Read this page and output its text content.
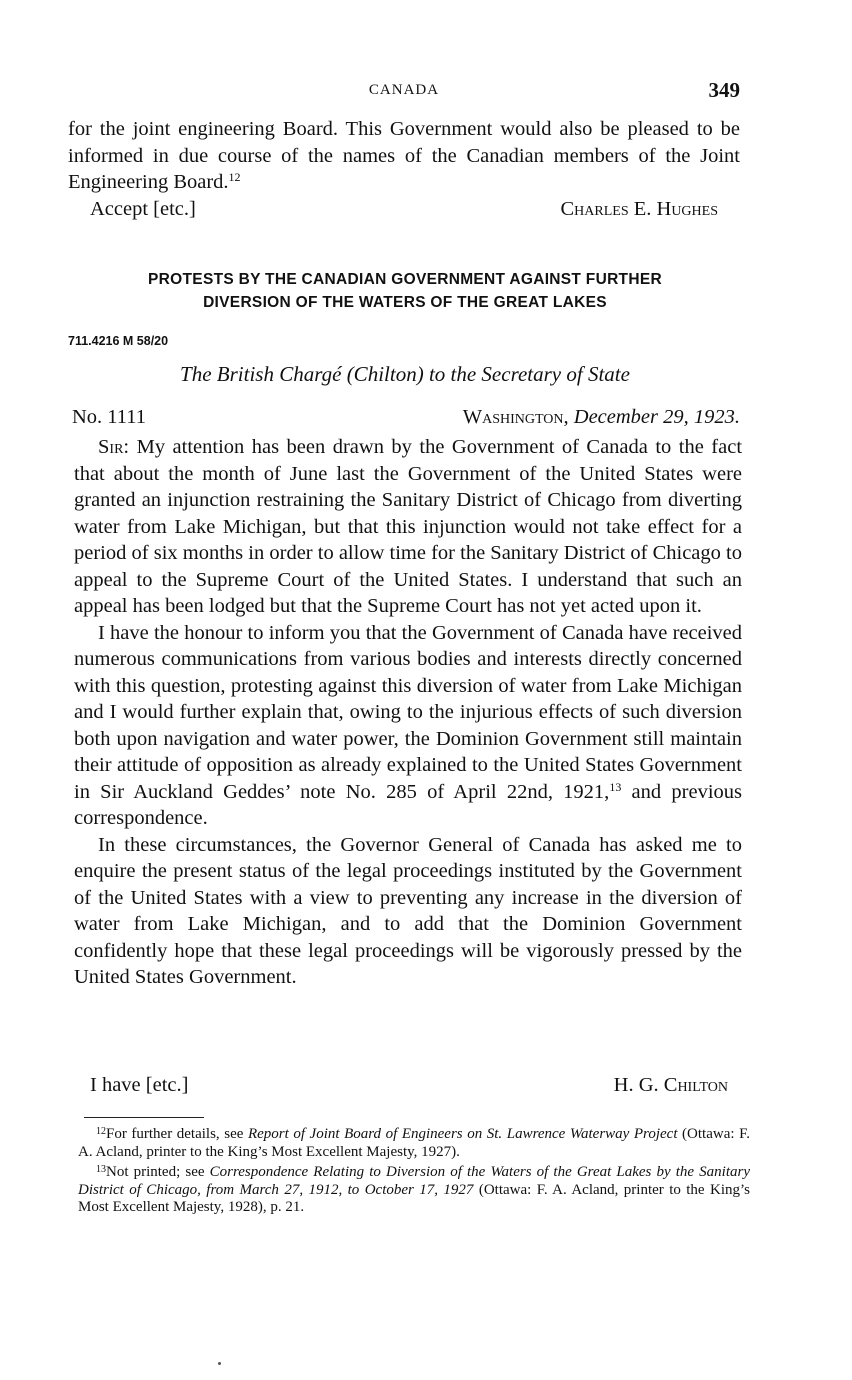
CANADA	349
for the joint engineering Board. This Government would also be pleased to be informed in due course of the names of the Canadian members of the Joint Engineering Board.$^{12}$
Accept [etc.]	Charles E. Hughes
PROTESTS BY THE CANADIAN GOVERNMENT AGAINST FURTHER
DIVERSION OF THE WATERS OF THE GREAT LAKES
711.4216 M 58/20
The British Chargé (Chilton) to the Secretary of State
No. 1111	Washington, December 29, 1923.

Sir: My attention has been drawn by the Government of Canada to the fact that about the month of June last the Government of the United States were granted an injunction restraining the Sanitary District of Chicago from diverting water from Lake Michigan, but that this injunction would not take effect for a period of six months in order to allow time for the Sanitary District of Chicago to appeal to the Supreme Court of the United States. I understand that such an appeal has been lodged but that the Supreme Court has not yet acted upon it.

I have the honour to inform you that the Government of Canada have received numerous communications from various bodies and interests directly concerned with this question, protesting against this diversion of water from Lake Michigan and I would further explain that, owing to the injurious effects of such diversion both upon navigation and water power, the Dominion Government still maintain their attitude of opposition as already explained to the United States Government in Sir Auckland Geddes’ note No. 285 of April 22nd, 1921,13 and previous correspondence.

In these circumstances, the Governor General of Canada has asked me to enquire the present status of the legal proceedings instituted by the Government of the United States with a view to preventing any increase in the diversion of water from Lake Michigan, and to add that the Dominion Government confidently hope that these legal proceedings will be vigorously pressed by the United States Government.

I have [etc.]	H. G. Chilton

$^{12}$For further details, see Report of Joint Board of Engineers on St. Lawrence Waterway Project (Ottawa: F. A. Acland, printer to the King’s Most Excellent Majesty, 1927).

$^{13}$Not printed; see Correspondence Relating to Diversion of the Waters of the Great Lakes by the Sanitary District of Chicago, from March 27, 1912, to October 17, 1927 (Ottawa: F. A. Acland, printer to the King’s Most Excellent Majesty, 1928), p. 21.
